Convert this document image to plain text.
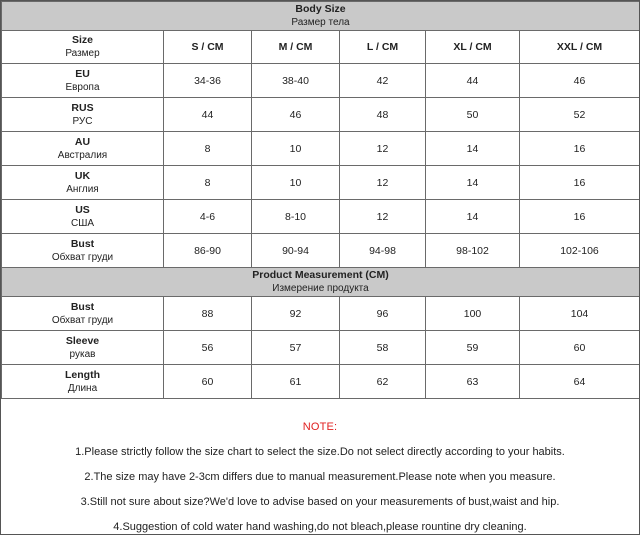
Body Size
Размер тела					

Size
Размер	S / CM	M / CM	L / CM	XL / CM	XXL / CM

EU
Европа	34-36	38-40	42	44	46

RUS
РУС	44	46	48	50	52

AU
Австралия	8	10	12	14	16

UK
Англия	8	10	12	14	16

US
США	4-6	8-10	12	14	16

Bust
Обхват груди	86-90	90-94	94-98	98-102	102-106

Product Measurement (CM)
Измерение продукта					

Bust
Обхват груди	88	92	96	100	104

Sleeve
рукав	56	57	58	59	60

Length
Длина	60	61	62	63	64
NOTE:

1.Please strictly follow the size chart to select the size.Do not select directly according to your habits.

2.The size may have 2-3cm differs due to manual measurement.Please note when you measure.

3.Still not sure about size?We'd love to advise based on your measurements of bust,waist and hip.

4.Suggestion of cold water hand washing,do not bleach,please rountine dry cleaning.
